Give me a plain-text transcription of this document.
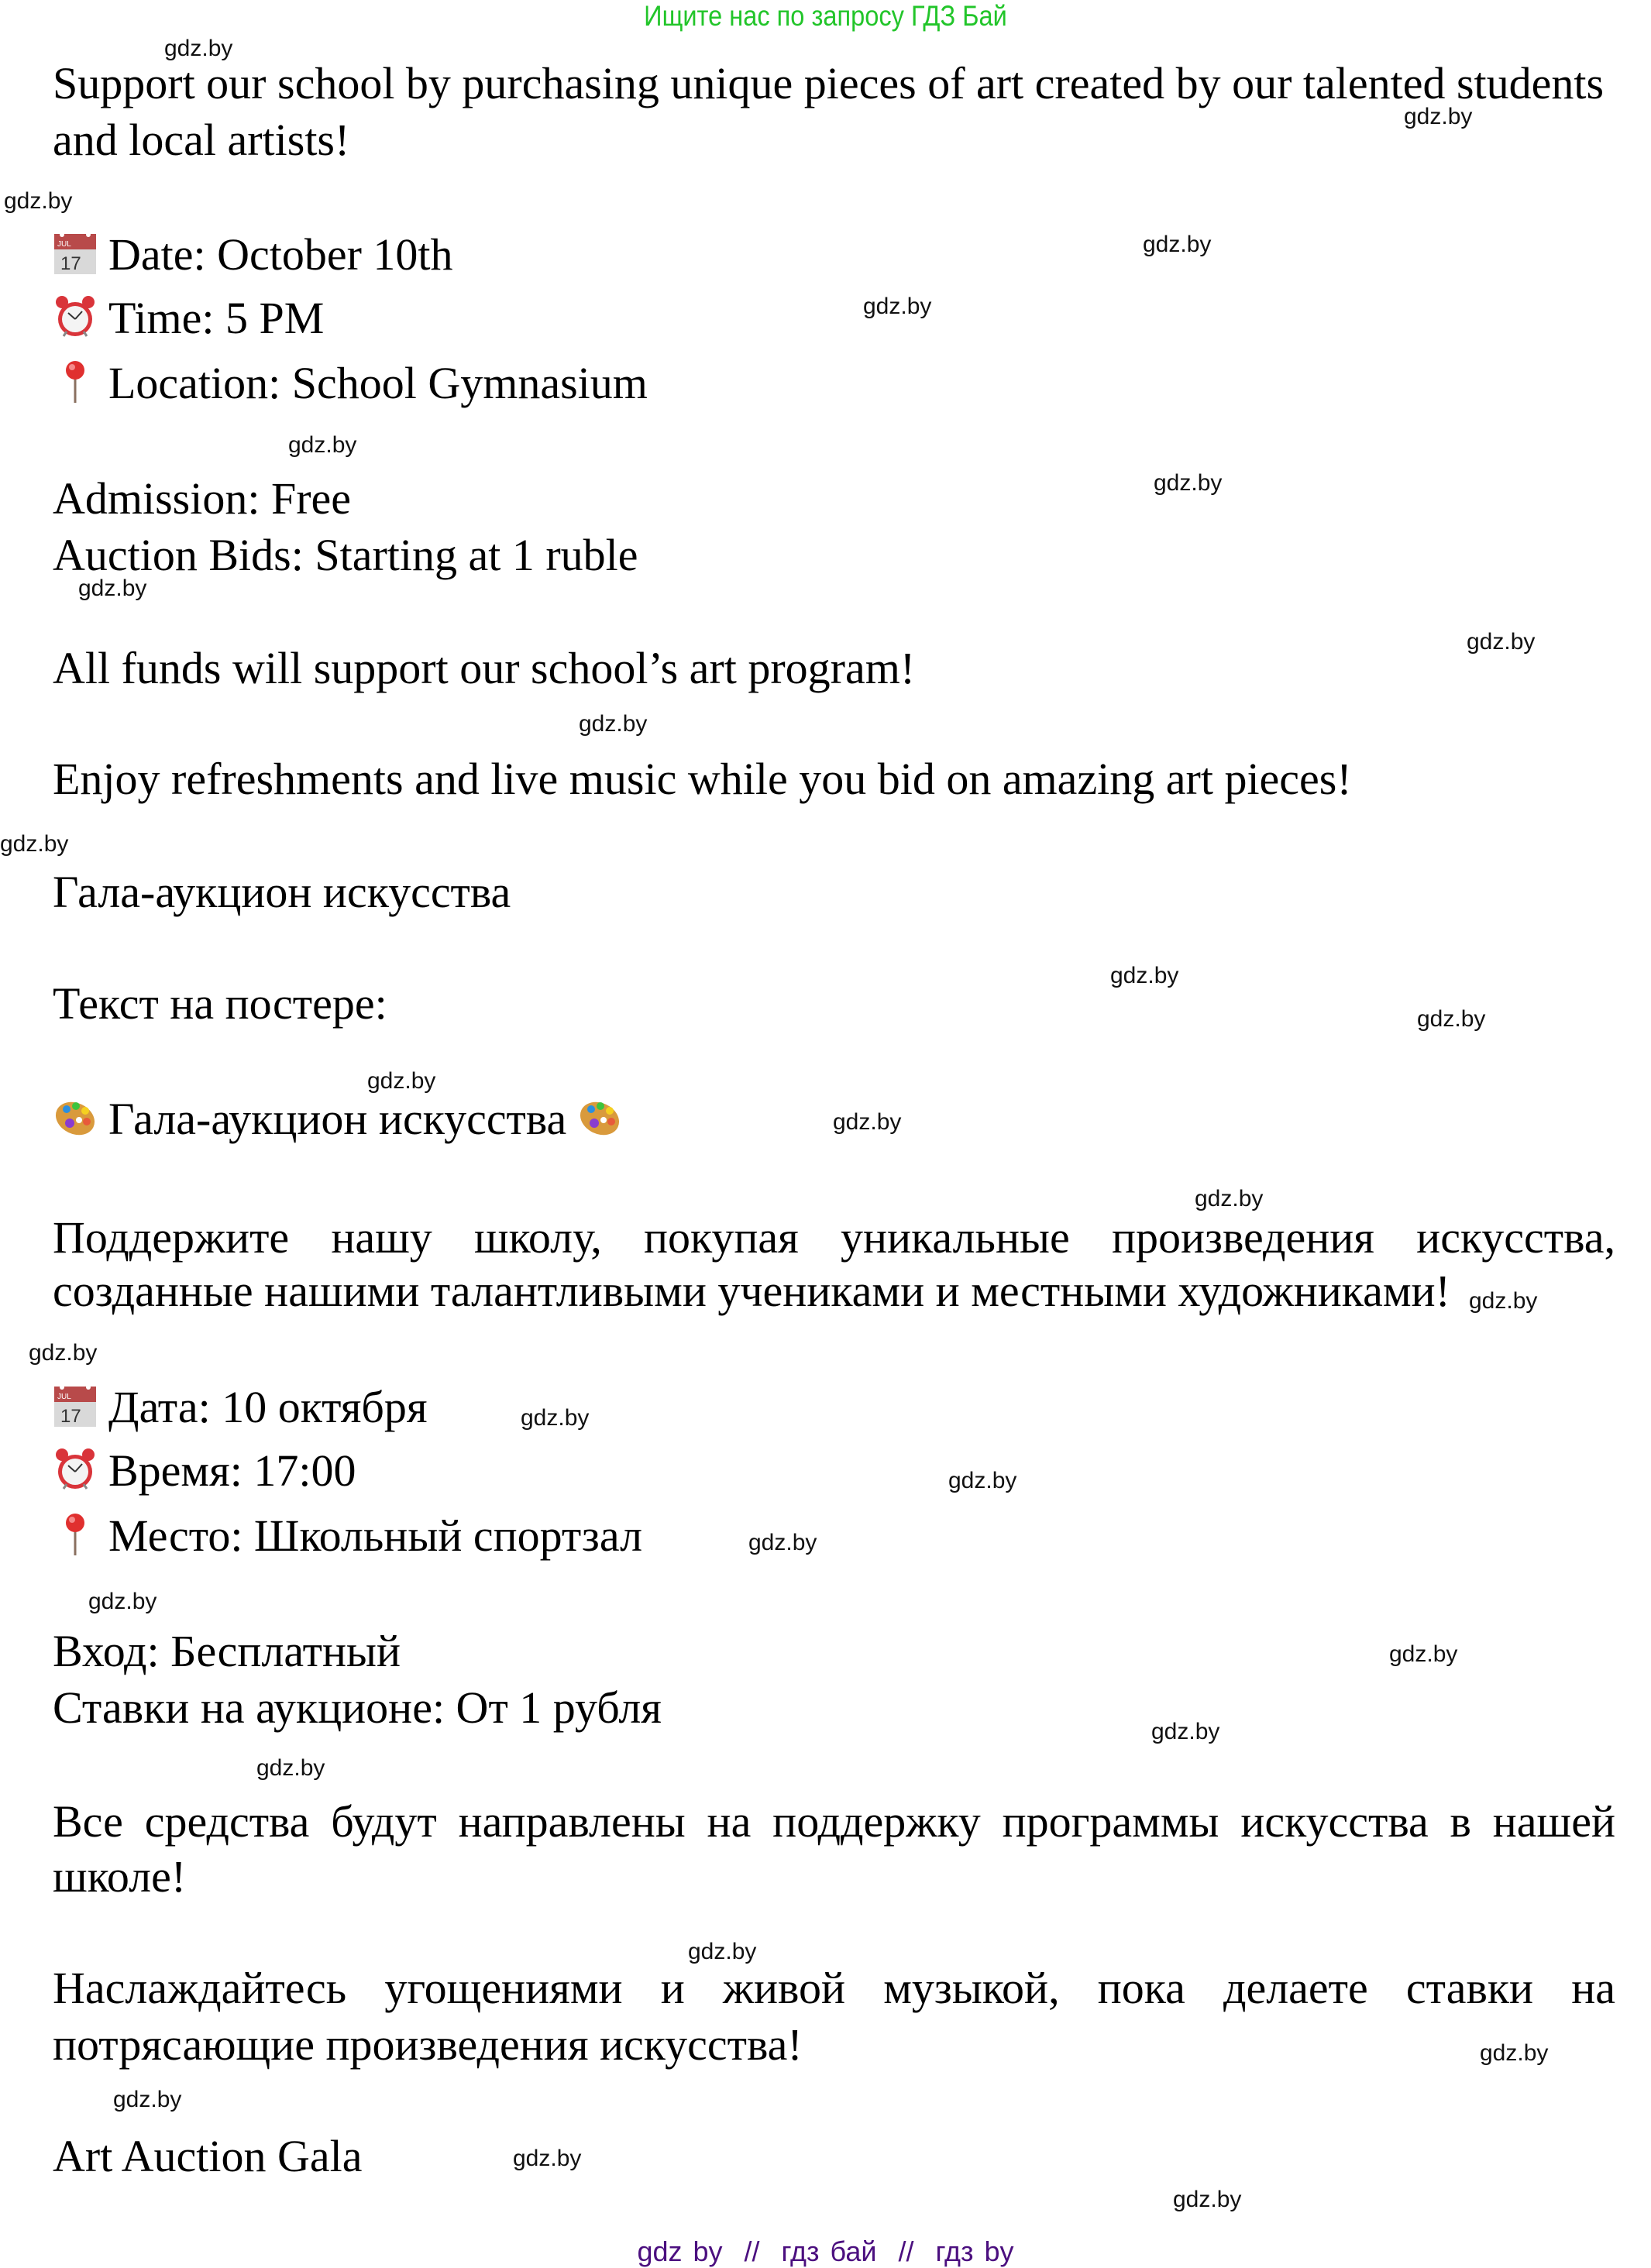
Ищите нас по запросу ГДЗ Бай
Support our school by purchasing unique pieces of art created by our talented students
and local artists!
JUL
17 Date: October 10th
Time: 5 PM
Location: School Gymnasium
Admission: Free
Auction Bids: Starting at 1 ruble
All funds will support our school’s art program!
Enjoy refreshments and live music while you bid on amazing art pieces!
Гала-аукцион искусства
Текст на постере:
Гала-аукцион искусства
Поддержите нашу школу, покупая уникальные произведения искусства,
созданные нашими талантливыми учениками и местными художниками!
JUL
17 Дата: 10 октября
Время: 17:00
Место: Школьный спортзал
Вход: Бесплатный
Ставки на аукционе: От 1 рубля
Все средства будут направлены на поддержку программы искусства в нашей
школе!
Наслаждайтесь угощениями и живой музыкой, пока делаете ставки на
потрясающие произведения искусства!
Art Auction Gala
gdz.by
gdz.by
gdz.by
gdz.by
gdz.by
gdz.by
gdz.by
gdz.by
gdz.by
gdz.by
gdz.by
gdz.by
gdz.by
gdz.by
gdz.by
gdz.by
gdz.by
gdz.by
gdz.by
gdz.by
gdz.by
gdz.by
gdz.by
gdz.by
gdz.by
gdz.by
gdz.by
gdz.by
gdz.by
gdz.by
gdz by  //  гдз бай  //  гдз by
